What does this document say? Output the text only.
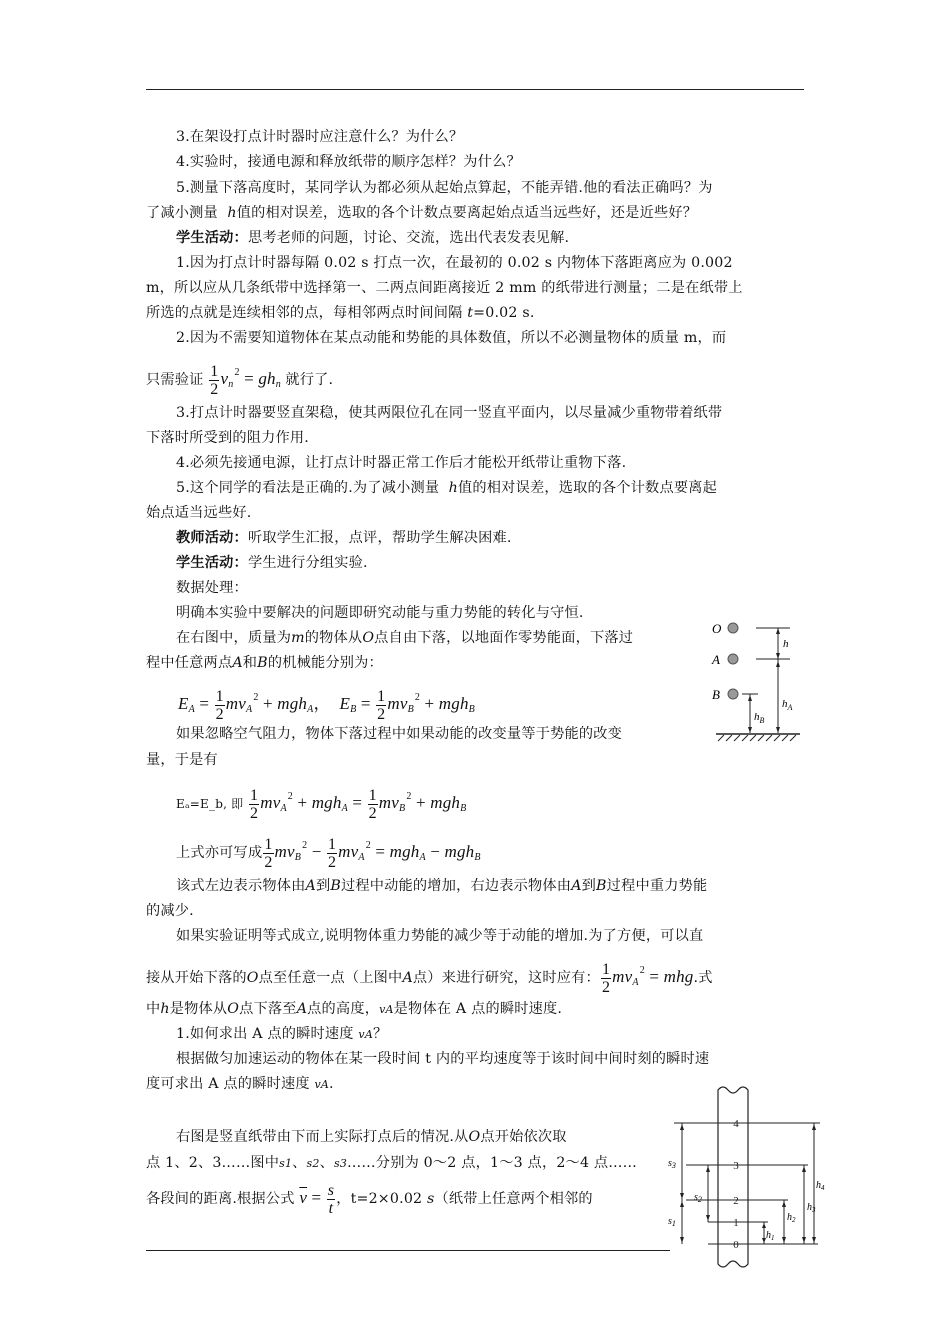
3.在架设打点计时器时应注意什么？为什么？
4.实验时，接通电源和释放纸带的顺序怎样？为什么？
5.测量下落高度时，某同学认为都必须从起始点算起，不能弄错.他的看法正确吗？为
了减小测量 h值的相对误差，选取的各个计数点要离起始点适当远些好，还是近些好？
学生活动：思考老师的问题，讨论、交流，选出代表发表见解.
1.因为打点计时器每隔 0.02 s 打点一次，在最初的 0.02 s 内物体下落距离应为 0.002
m，所以应从几条纸带中选择第一、二两点间距离接近 2 mm 的纸带进行测量；二是在纸带上
所选的点就是连续相邻的点，每相邻两点时间间隔 t=0.02 s.
2.因为不需要知道物体在某点动能和势能的具体数值，所以不必测量物体的质量 m，而
只需验证 $\frac{1}{2} v_n^2 = gh_n$ 就行了.
3.打点计时器要竖直架稳，使其两限位孔在同一竖直平面内，以尽量减少重物带着纸带
下落时所受到的阻力作用.
4.必须先接通电源，让打点计时器正常工作后才能松开纸带让重物下落.
5.这个同学的看法是正确的.为了减小测量 h值的相对误差，选取的各个计数点要离起
始点适当远些好.
教师活动：听取学生汇报，点评，帮助学生解决困难.
学生活动：学生进行分组实验.
数据处理：
明确本实验中要解决的问题即研究动能与重力势能的转化与守恒.
在右图中，质量为m的物体从O点自由下落，以地面作零势能面，下落过
程中任意两点A和B的机械能分别为：
$E_A = \frac{1}{2} mv_A^2 + mgh_A$，  $E_B = \frac{1}{2} mv_B^2 + mgh_B$
如果忽略空气阻力，物体下落过程中如果动能的改变量等于势能的改变
量，于是有
Eₐ=E_b, 即 $\frac{1}{2} mv_A^2 + mgh_A = \frac{1}{2} mv_B^2 + mgh_B$
上式亦可写成 $\frac{1}{2} mv_B^2 - \frac{1}{2} mv_A^2 = mgh_A - mgh_B$
该式左边表示物体由A到B过程中动能的增加，右边表示物体由A到B过程中重力势能
的减少.
如果实验证明等式成立,说明物体重力势能的减少等于动能的增加.为了方便，可以直
接从开始下落的O点至任意一点（上图中A点）来进行研究，这时应有： $\frac{1}{2} mv_A^2$ = mhg.式
中h是物体从O点下落至A点的高度，vA是物体在 A 点的瞬时速度.
1.如何求出 A 点的瞬时速度 vA？
根据做匀加速运动的物体在某一段时间 t 内的平均速度等于该时间中间时刻的瞬时速
度可求出 A 点的瞬时速度 vA.
右图是竖直纸带由下而上实际打点后的情况.从O点开始依次取
点 1、2、3……图中s1、s2、s3……分别为 0～2 点，1～3 点，2～4 点……
各段间的距离.根据公式 $\overline{v} = \frac{s}{t}$ ，t=2×0.02 s（纸带上任意两个相邻的
O
A
B
h
$h_A$
$h_B$
0
1
2
3
4
$s_3$
$s_1$
$s_2$
$h_1$
$h_2$
$h_3$
$h_4$
